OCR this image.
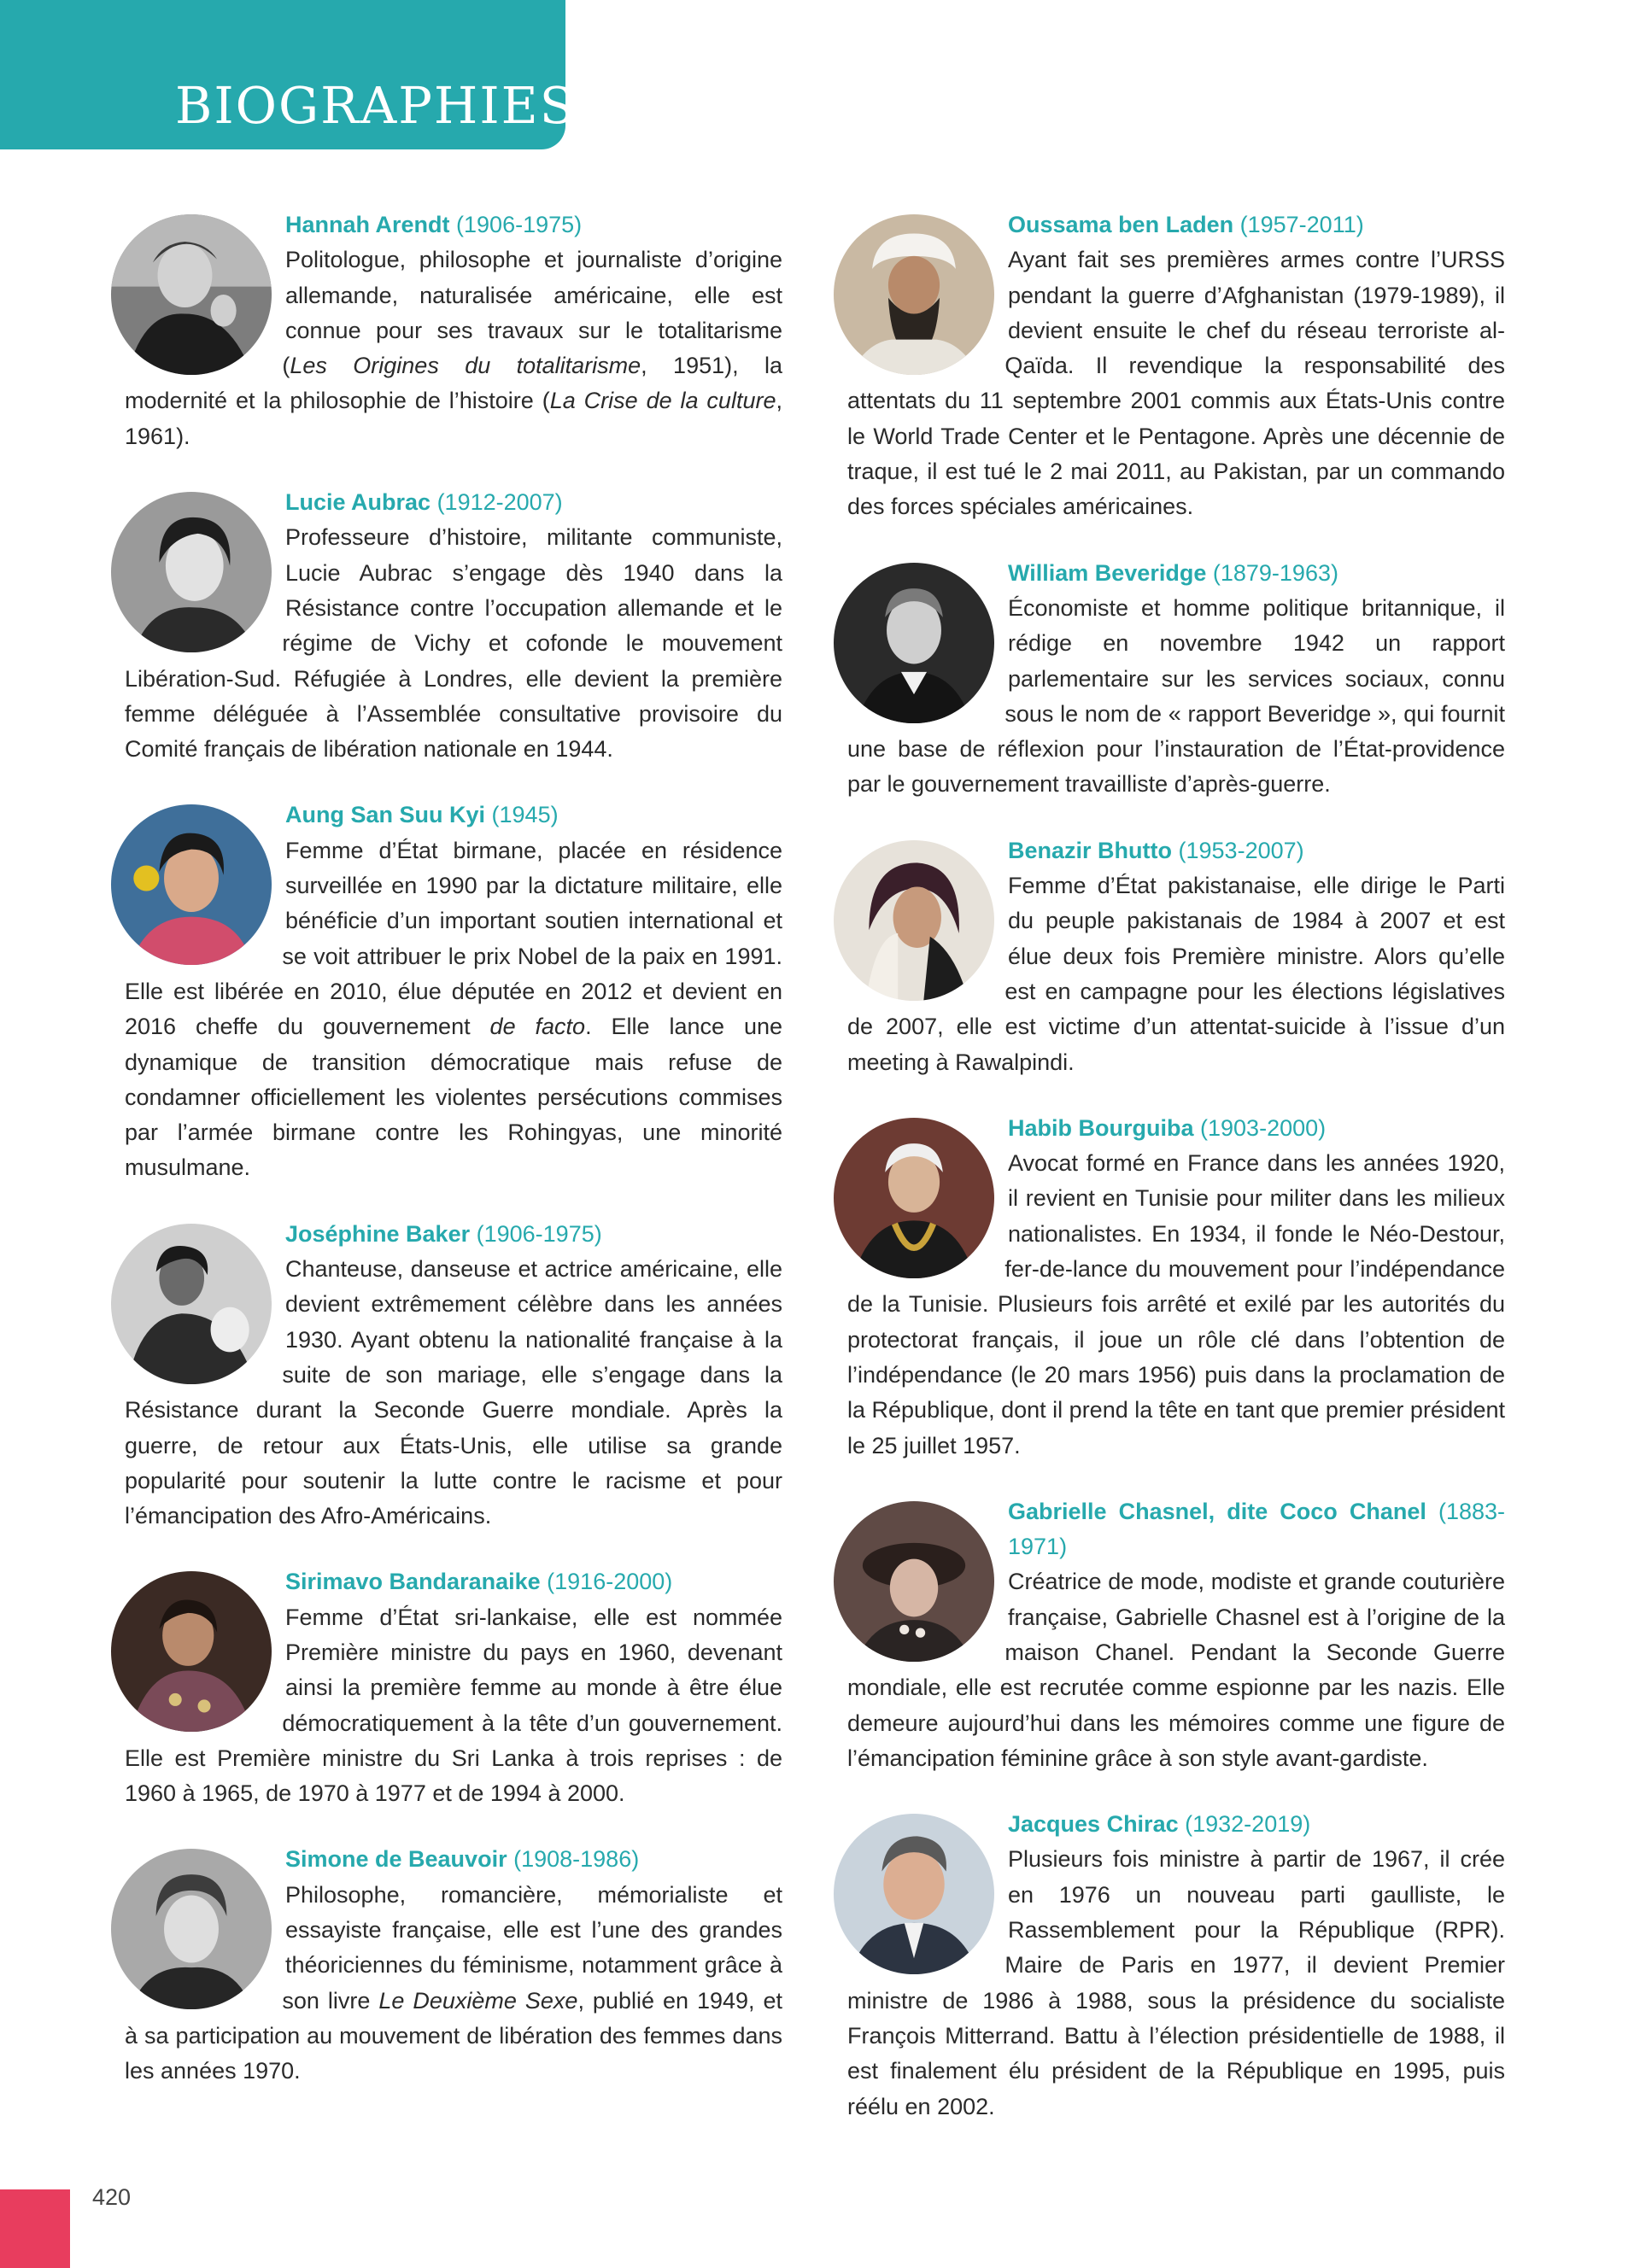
BIOGRAPHIES

Hannah Arendt (1906-1975)
Politologue, philosophe et journaliste d’origine allemande, naturalisée américaine, elle est connue pour ses travaux sur le totalitarisme (Les Origines du totalitarisme, 1951), la modernité et la philosophie de l’histoire (La Crise de la culture, 1961).

Lucie Aubrac (1912-2007)
Professeure d’histoire, militante communiste, Lucie Aubrac s’engage dès 1940 dans la Résistance contre l’occupation allemande et le régime de Vichy et cofonde le mouvement Libération-Sud. Réfugiée à Londres, elle devient la première femme déléguée à l’Assemblée consultative provisoire du Comité français de libération nationale en 1944.

Aung San Suu Kyi (1945)
Femme d’État birmane, placée en résidence surveillée en 1990 par la dictature militaire, elle bénéficie d’un important soutien international et se voit attribuer le prix Nobel de la paix en 1991. Elle est libérée en 2010, élue députée en 2012 et devient en 2016 cheffe du gouvernement de facto. Elle lance une dynamique de transition démocratique mais refuse de condamner officiellement les violentes persécutions commises par l’armée birmane contre les Rohingyas, une minorité musulmane.

Joséphine Baker (1906-1975)
Chanteuse, danseuse et actrice américaine, elle devient extrêmement célèbre dans les années 1930. Ayant obtenu la nationalité française à la suite de son mariage, elle s’engage dans la Résistance durant la Seconde Guerre mondiale. Après la guerre, de retour aux États-Unis, elle utilise sa grande popularité pour soutenir la lutte contre le racisme et pour l’émancipation des Afro-Américains.

Sirimavo Bandaranaike (1916-2000)
Femme d’État sri-lankaise, elle est nommée Première ministre du pays en 1960, devenant ainsi la première femme au monde à être élue démocratiquement à la tête d’un gouvernement. Elle est Première ministre du Sri Lanka à trois reprises : de 1960 à 1965, de 1970 à 1977 et de 1994 à 2000.

Simone de Beauvoir (1908-1986)
Philosophe, romancière, mémorialiste et essayiste française, elle est l’une des grandes théoriciennes du féminisme, notamment grâce à son livre Le Deuxième Sexe, publié en 1949, et à sa participation au mouvement de libération des femmes dans les années 1970.

Oussama ben Laden (1957-2011)
Ayant fait ses premières armes contre l’URSS pendant la guerre d’Afghanistan (1979-1989), il devient ensuite le chef du réseau terroriste al-Qaïda. Il revendique la responsabilité des attentats du 11 septembre 2001 commis aux États-Unis contre le World Trade Center et le Pentagone. Après une décennie de traque, il est tué le 2 mai 2011, au Pakistan, par un commando des forces spéciales américaines.

William Beveridge (1879-1963)
Économiste et homme politique britannique, il rédige en novembre 1942 un rapport parlementaire sur les services sociaux, connu sous le nom de « rapport Beveridge », qui fournit une base de réflexion pour l’instauration de l’État-providence par le gouvernement travailliste d’après-guerre.

Benazir Bhutto (1953-2007)
Femme d’État pakistanaise, elle dirige le Parti du peuple pakistanais de 1984 à 2007 et est élue deux fois Première ministre. Alors qu’elle est en campagne pour les élections législatives de 2007, elle est victime d’un attentat-suicide à l’issue d’un meeting à Rawalpindi.

Habib Bourguiba (1903-2000)
Avocat formé en France dans les années 1920, il revient en Tunisie pour militer dans les milieux nationalistes. En 1934, il fonde le Néo-Destour, fer-de-lance du mouvement pour l’indépendance de la Tunisie. Plusieurs fois arrêté et exilé par les autorités du protectorat français, il joue un rôle clé dans l’obtention de l’indépendance (le 20 mars 1956) puis dans la proclamation de la République, dont il prend la tête en tant que premier président le 25 juillet 1957.

Gabrielle Chasnel, dite Coco Chanel (1883-1971)
Créatrice de mode, modiste et grande couturière française, Gabrielle Chasnel est à l’origine de la maison Chanel. Pendant la Seconde Guerre mondiale, elle est recrutée comme espionne par les nazis. Elle demeure aujourd’hui dans les mémoires comme une figure de l’émancipation féminine grâce à son style avant-gardiste.

Jacques Chirac (1932-2019)
Plusieurs fois ministre à partir de 1967, il crée en 1976 un nouveau parti gaulliste, le Rassemblement pour la République (RPR). Maire de Paris en 1977, il devient Premier ministre de 1986 à 1988, sous la présidence du socialiste François Mitterrand. Battu à l’élection présidentielle de 1988, il est finalement élu président de la République en 1995, puis réélu en 2002.

420
